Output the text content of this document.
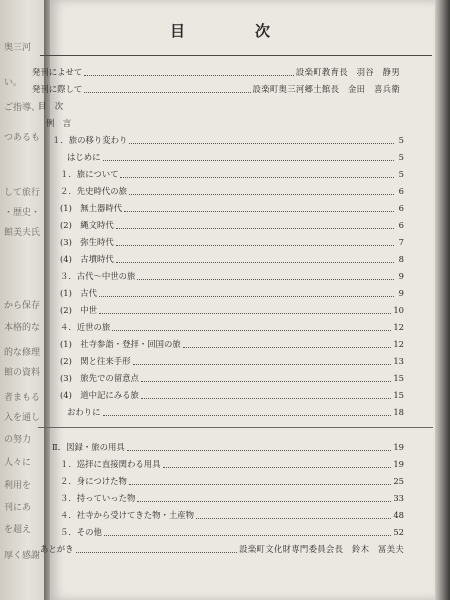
奥三河
い。
ご指導、
つあるも
して旅行
・歴史・
館美夫氏
から保存
本格的な
的な修理
館の資料
者まもる
入を通し
の努力
人々に
利用を
刊にあ
を超え
厚く感謝
目	次
発刊によせて	設楽町教育長　羽谷　静男
発刊に際して	設楽町奥三河郷土館長　金田　喜兵衛
目　次
例　言
１．旅の移り変わり	5
はじめに	5
１．旅について	5
２．先史時代の旅	6
(1)　無土器時代	6
(2)　縄文時代	6
(3)　弥生時代	7
(4)　古墳時代	8
３．古代〜中世の旅	9
(1)　古代	9
(2)　中世	10
４．近世の旅	12
(1)　社寺参詣・登拝・回国の旅	12
(2)　関と往来手形	13
(3)　旅先での留意点	15
(4)　道中記にみる旅	15
おわりに	18
Ⅱ．図録・旅の用具	19
１．巡拝に直接関わる用具	19
２．身につけた物	25
３．持っていった物	33
４．社寺から受けてきた物・土産物	48
５．その他	52
あとがき	設楽町文化財専門委員会長　鈴木　冨美夫
